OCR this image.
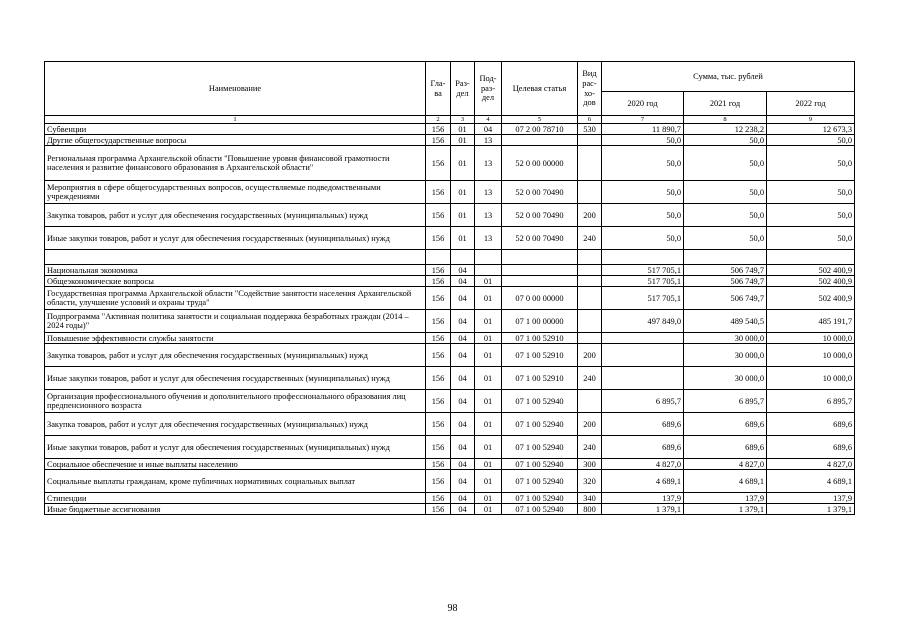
Наименование	Гла-ва	Раз-дел	Под-раз-дел	Целевая статья	Вид рас-хо-дов	Сумма, тыс. рублей		
						2020 год	2021 год	2022 год
1	2	3	4	5	6	7	8	9
Субвенции	156	01	04	07 2 00 78710	530	11 890,7	12 238,2	12 673,3
Другие общегосударственные вопросы	156	01	13			50,0	50,0	50,0
Региональная программа Архангельской области "Повышение уровня финансовой грамотности населения и развитие финансового образования в Архангельской области"	156	01	13	52 0 00 00000		50,0	50,0	50,0
Мероприятия в сфере общегосударственных вопросов, осуществляемые подведомственными учреждениями	156	01	13	52 0 00 70490		50,0	50,0	50,0
Закупка товаров, работ и услуг для обеспечения государственных (муниципальных) нужд	156	01	13	52 0 00 70490	200	50,0	50,0	50,0
Иные закупки товаров, работ и услуг для обеспечения государственных (муниципальных) нужд	156	01	13	52 0 00 70490	240	50,0	50,0	50,0

Национальная экономика	156	04				517 705,1	506 749,7	502 400,9
Общеэкономические вопросы	156	04	01			517 705,1	506 749,7	502 400,9
Государственная программа Архангельской области "Содействие занятости населения Архангельской области, улучшение условий и охраны труда"	156	04	01	07 0 00 00000		517 705,1	506 749,7	502 400,9
Подпрограмма "Активная политика занятости и социальная поддержка безработных граждан (2014 – 2024 годы)"	156	04	01	07 1 00 00000		497 849,0	489 540,5	485 191,7
Повышение эффективности службы занятости	156	04	01	07 1 00 52910			30 000,0	10 000,0
Закупка товаров, работ и услуг для обеспечения государственных (муниципальных) нужд	156	04	01	07 1 00 52910	200		30 000,0	10 000,0
Иные закупки товаров, работ и услуг для обеспечения государственных (муниципальных) нужд	156	04	01	07 1 00 52910	240		30 000,0	10 000,0
Организация профессионального обучения и дополнительного профессионального образования лиц предпенсионного возраста	156	04	01	07 1 00 52940		6 895,7	6 895,7	6 895,7
Закупка товаров, работ и услуг для обеспечения государственных (муниципальных) нужд	156	04	01	07 1 00 52940	200	689,6	689,6	689,6
Иные закупки товаров, работ и услуг для обеспечения государственных (муниципальных) нужд	156	04	01	07 1 00 52940	240	689,6	689,6	689,6
Социальное обеспечение и иные выплаты населению	156	04	01	07 1 00 52940	300	4 827,0	4 827,0	4 827,0
Социальные выплаты гражданам, кроме публичных нормативных социальных выплат	156	04	01	07 1 00 52940	320	4 689,1	4 689,1	4 689,1
Стипендии	156	04	01	07 1 00 52940	340	137,9	137,9	137,9
Иные бюджетные ассигнования	156	04	01	07 1 00 52940	800	1 379,1	1 379,1	1 379,1
98
